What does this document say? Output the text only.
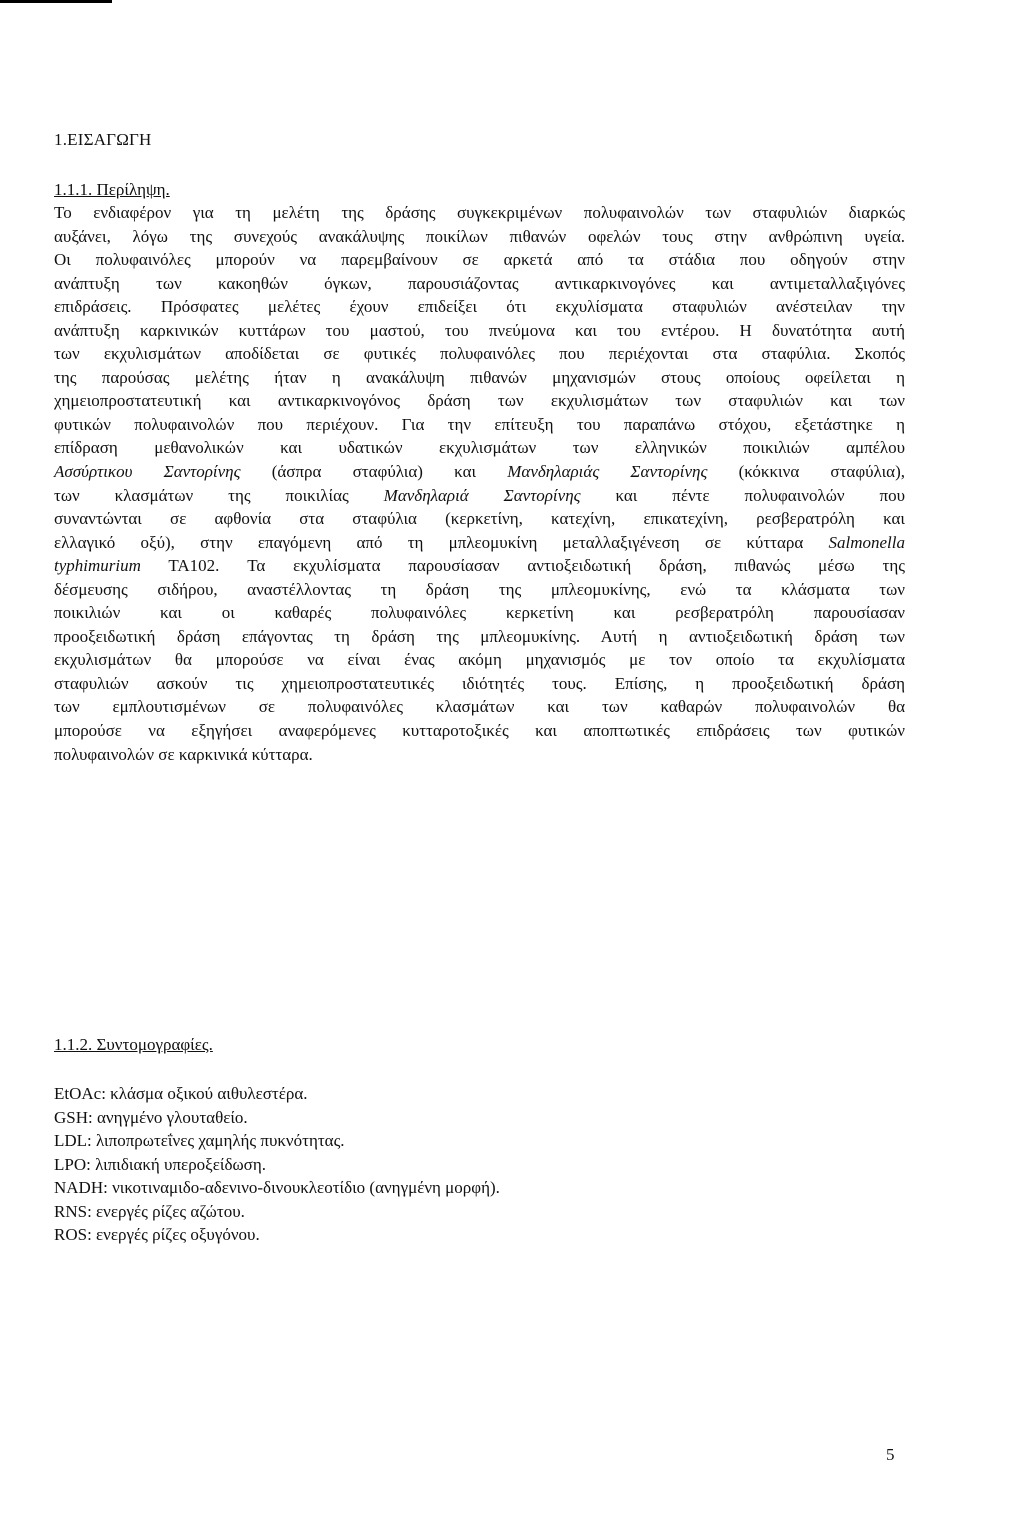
1.ΕΙΣΑΓΩΓΗ
1.1.1. Περίληψη.
Το ενδιαφέρον για τη μελέτη της δράσης συγκεκριμένων πολυφαινολών των σταφυλιών διαρκώς
αυξάνει, λόγω της συνεχούς ανακάλυψης ποικίλων πιθανών οφελών τους στην ανθρώπινη υγεία.
Οι πολυφαινόλες μπορούν να παρεμβαίνουν σε αρκετά από τα στάδια που οδηγούν στην
ανάπτυξη των κακοηθών όγκων, παρουσιάζοντας αντικαρκινογόνες και αντιμεταλλαξιγόνες
επιδράσεις. Πρόσφατες μελέτες έχουν επιδείξει ότι εκχυλίσματα σταφυλιών ανέστειλαν την
ανάπτυξη καρκινικών κυττάρων του μαστού, του πνεύμονα και του εντέρου. Η δυνατότητα αυτή
των εκχυλισμάτων αποδίδεται σε φυτικές πολυφαινόλες που περιέχονται στα σταφύλια. Σκοπός
της παρούσας μελέτης ήταν η ανακάλυψη πιθανών μηχανισμών στους οποίους οφείλεται η
χημειοπροστατευτική και αντικαρκινογόνος δράση των εκχυλισμάτων των σταφυλιών και των
φυτικών πολυφαινολών που περιέχουν. Για την επίτευξη του παραπάνω στόχου, εξετάστηκε η
επίδραση μεθανολικών και υδατικών εκχυλισμάτων των ελληνικών ποικιλιών αμπέλου
Ασσύρτικου Σαντορίνης (άσπρα σταφύλια) και Μανδηλαριάς Σαντορίνης (κόκκινα σταφύλια),
των κλασμάτων της ποικιλίας Μανδηλαριά Σαντορίνης και πέντε πολυφαινολών που
συναντώνται σε αφθονία στα σταφύλια (κερκετίνη, κατεχίνη, επικατεχίνη, ρεσβερατρόλη και
ελλαγικό οξύ), στην επαγόμενη από τη μπλεομυκίνη μεταλλαξιγένεση σε κύτταρα Salmonella
typhimurium TA102. Τα εκχυλίσματα παρουσίασαν αντιοξειδωτική δράση, πιθανώς μέσω της
δέσμευσης σιδήρου, αναστέλλοντας τη δράση της μπλεομυκίνης, ενώ τα κλάσματα των
ποικιλιών και οι καθαρές πολυφαινόλες κερκετίνη και ρεσβερατρόλη παρουσίασαν
προοξειδωτική δράση επάγοντας τη δράση της μπλεομυκίνης. Αυτή η αντιοξειδωτική δράση των
εκχυλισμάτων θα μπορούσε να είναι ένας ακόμη μηχανισμός με τον οποίο τα εκχυλίσματα
σταφυλιών ασκούν τις χημειοπροστατευτικές ιδιότητές τους. Επίσης, η προοξειδωτική δράση
των εμπλουτισμένων σε πολυφαινόλες κλασμάτων και των καθαρών πολυφαινολών θα
μπορούσε να εξηγήσει αναφερόμενες κυτταροτοξικές και αποπτωτικές επιδράσεις των φυτικών
πολυφαινολών σε καρκινικά κύτταρα.
1.1.2. Συντομογραφίες.
EtOAc: κλάσμα οξικού αιθυλεστέρα.
GSH: ανηγμένο γλουταθείο.
LDL: λιποπρωτεΐνες χαμηλής πυκνότητας.
LPO: λιπιδιακή υπεροξείδωση.
NADH: νικοτιναμιδο-αδενινο-δινουκλεοτίδιο (ανηγμένη μορφή).
RNS: ενεργές ρίζες αζώτου.
ROS: ενεργές ρίζες οξυγόνου.
5
